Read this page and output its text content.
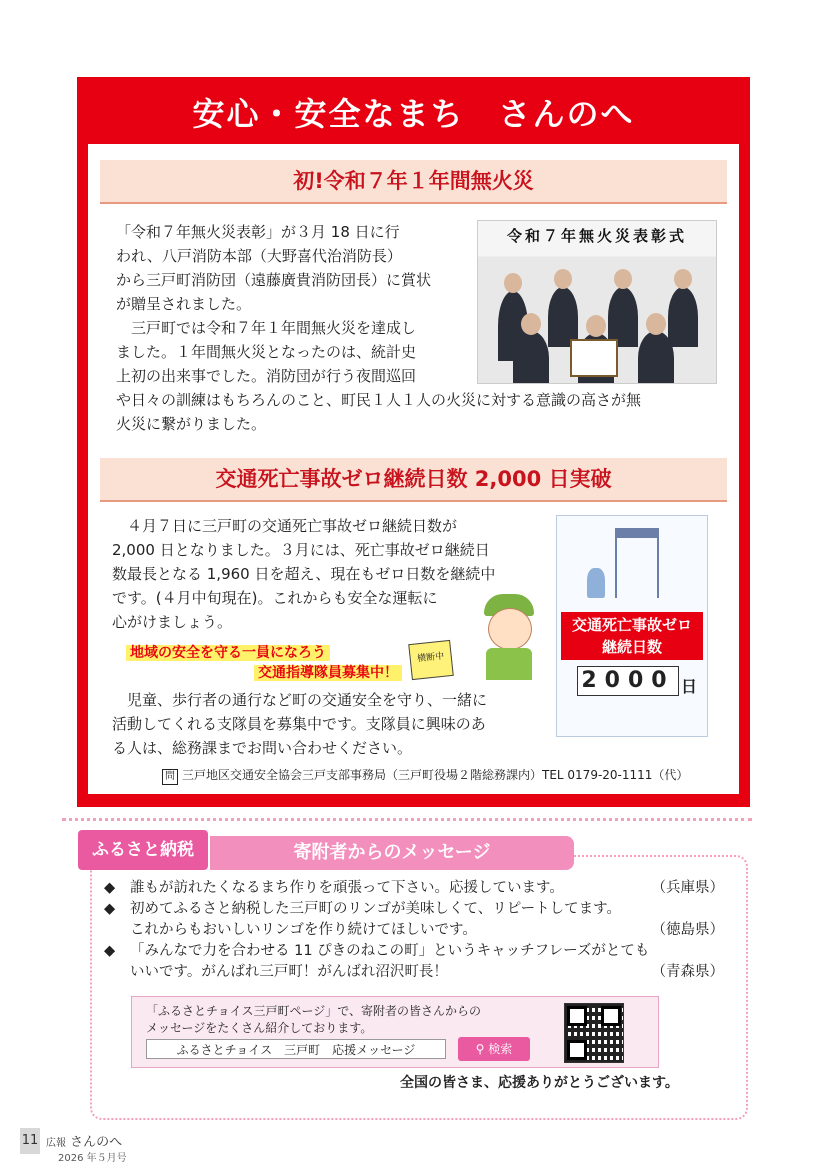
安心・安全なまち　さんのへ
初!令和７年１年間無火災
「令和７年無火災表彰」が３月 18 日に行
われ、八戸消防本部（大野喜代治消防長）
から三戸町消防団（遠藤廣貴消防団長）に賞状
が贈呈されました。
　三戸町では令和７年１年間無火災を達成し
ました。１年間無火災となったのは、統計史
上初の出来事でした。消防団が行う夜間巡回
や日々の訓練はもちろんのこと、町民１人１人の火災に対する意識の高さが無
火災に繋がりました。
令和７年無火災表彰式
交通死亡事故ゼロ継続日数 2,000 日実破
　４月７日に三戸町の交通死亡事故ゼロ継続日数が
2,000 日となりました。３月には、死亡事故ゼロ継続日
数最長となる 1,960 日を超え、現在もゼロ日数を継続中
です。(４月中旬現在)。これからも安全な運転に
心がけましょう。
横断中
地域の安全を守る一員になろう
交通指導隊員募集中！
　児童、歩行者の通行など町の交通安全を守り、一緒に
活動してくれる支隊員を募集中です。支隊員に興味のあ
る人は、総務課までお問い合わせください。
交通死亡事故ゼロ
継続日数
2000 日
問 三戸地区交通安全協会三戸支部事務局（三戸町役場２階総務課内）TEL 0179-20-1111（代）
寄附者からのメッセージ
ふるさと納税
◆ 誰もが訪れたくなるまち作りを頑張って下さい。応援しています。	（兵庫県）
◆ 初めてふるさと納税した三戸町のリンゴが美味しくて、リピートしてます。
これからもおいしいリンゴを作り続けてほしいです。	（徳島県）
◆ 「みんなで力を合わせる 11 ぴきのねこの町」というキャッチフレーズがとても
いいです。がんばれ三戸町！がんばれ沼沢町長！	（青森県）
「ふるさとチョイス三戸町ページ」で、寄附者の皆さんからの
メッセージをたくさん紹介しております。
ふるさとチョイス　三戸町　応援メッセージ	⚲ 検索
全国の皆さま、応援ありがとうございます。
11 広報 さんのへ
2026 年５月号
